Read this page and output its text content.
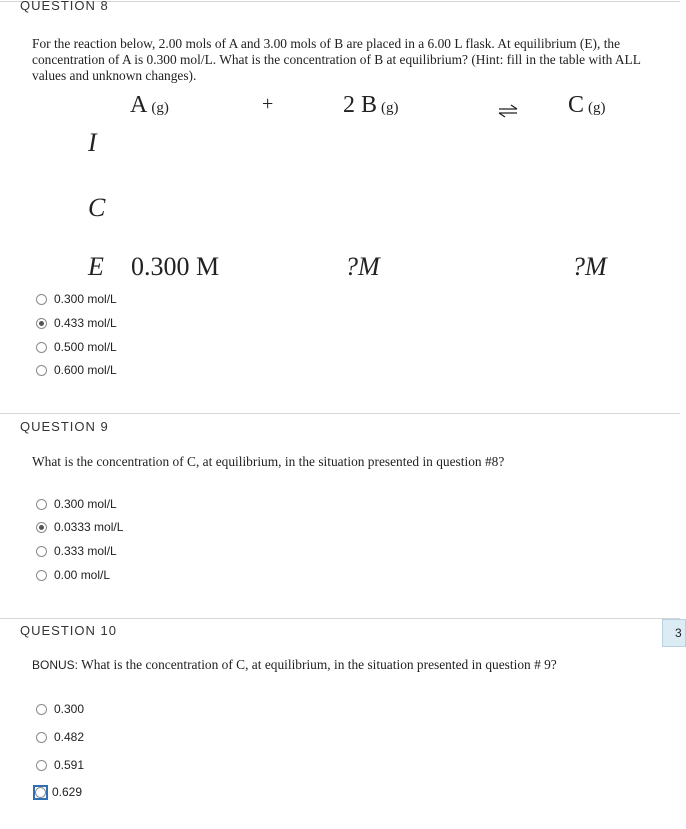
QUESTION 8
For the reaction below, 2.00 mols of A and 3.00 mols of B are placed in a 6.00 L flask. At equilibrium (E), the concentration of A is 0.300 mol/L. What is the concentration of B at equilibrium? (Hint: fill in the table with ALL values and unknown changes).
A (g)	+	2 B (g)	C (g)
I
C
E 0.300 M	?M	?M
0.300 mol/L
0.433 mol/L
0.500 mol/L
0.600 mol/L
QUESTION 9
What is the concentration of C, at equilibrium, in the situation presented in question #8?
0.300 mol/L
0.0333 mol/L
0.333 mol/L
0.00 mol/L
QUESTION 10	3
BONUS: What is the concentration of C, at equilibrium, in the situation presented in question # 9?
0.300
0.482
0.591
0.629
